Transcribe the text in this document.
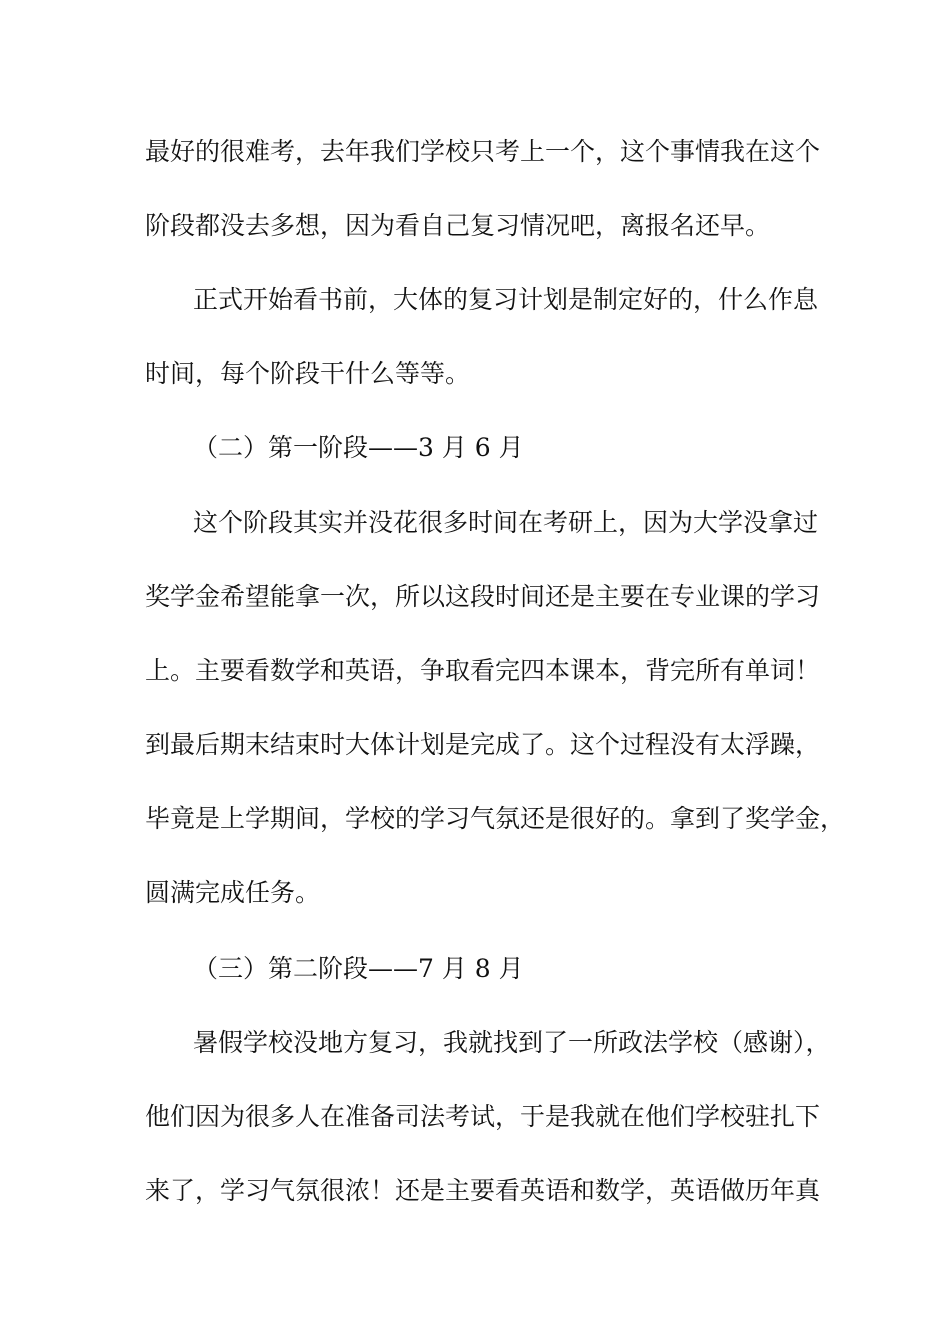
最好的很难考，去年我们学校只考上一个，这个事情我在这个
阶段都没去多想，因为看自己复习情况吧，离报名还早。
正式开始看书前，大体的复习计划是制定好的，什么作息
时间，每个阶段干什么等等。
（二）第一阶段——3 月 6 月
这个阶段其实并没花很多时间在考研上，因为大学没拿过
奖学金希望能拿一次，所以这段时间还是主要在专业课的学习
上。主要看数学和英语，争取看完四本课本，背完所有单词！
到最后期末结束时大体计划是完成了。这个过程没有太浮躁，
毕竟是上学期间，学校的学习气氛还是很好的。拿到了奖学金，
圆满完成任务。
（三）第二阶段——7 月 8 月
暑假学校没地方复习，我就找到了一所政法学校（感谢），
他们因为很多人在准备司法考试，于是我就在他们学校驻扎下
来了，学习气氛很浓！还是主要看英语和数学，英语做历年真
